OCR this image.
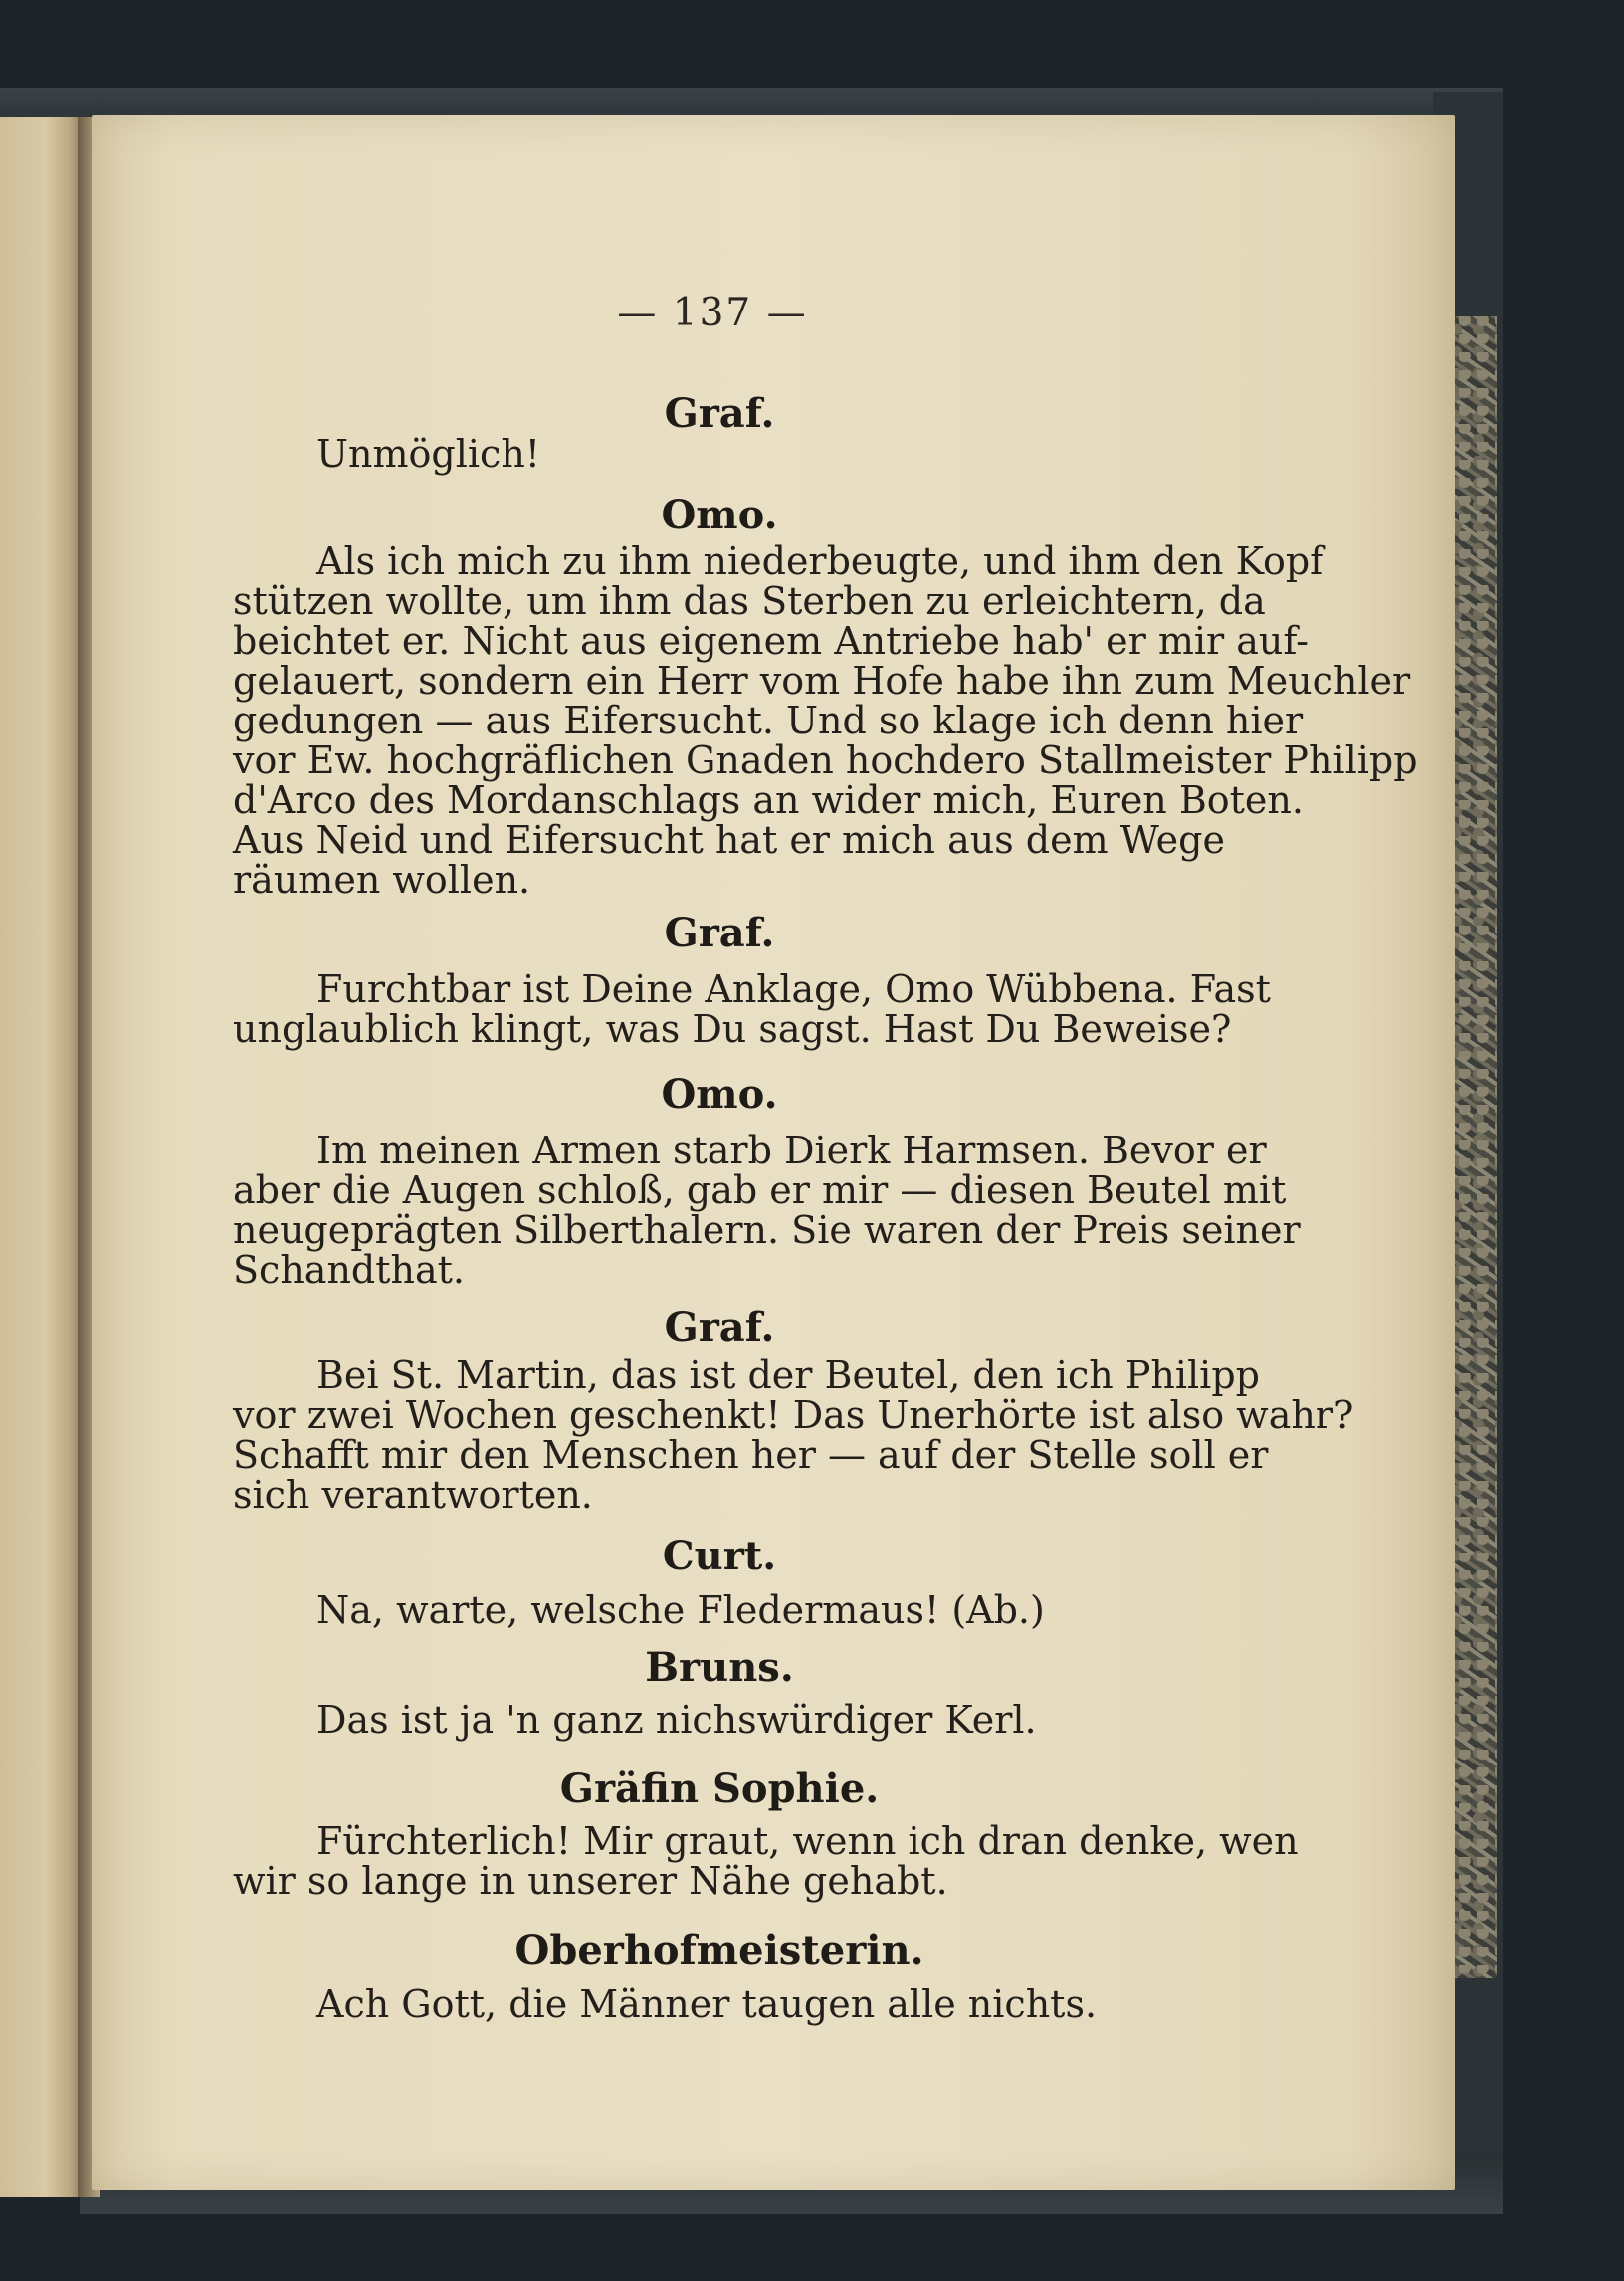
— 137 —
Graf.
Unmöglich!
Omo.
Als ich mich zu ihm niederbeugte, und ihm den Kopf
stützen wollte, um ihm das Sterben zu erleichtern, da
beichtet er. Nicht aus eigenem Antriebe hab' er mir auf-
gelauert, sondern ein Herr vom Hofe habe ihn zum Meuchler
gedungen — aus Eifersucht. Und so klage ich denn hier
vor Ew. hochgräflichen Gnaden hochdero Stallmeister Philipp
d'Arco des Mordanschlags an wider mich, Euren Boten.
Aus Neid und Eifersucht hat er mich aus dem Wege
räumen wollen.
Graf.
Furchtbar ist Deine Anklage, Omo Wübbena. Fast
unglaublich klingt, was Du sagst. Hast Du Beweise?
Omo.
Im meinen Armen starb Dierk Harmsen. Bevor er
aber die Augen schloß, gab er mir — diesen Beutel mit
neugeprägten Silberthalern. Sie waren der Preis seiner
Schandthat.
Graf.
Bei St. Martin, das ist der Beutel, den ich Philipp
vor zwei Wochen geschenkt! Das Unerhörte ist also wahr?
Schafft mir den Menschen her — auf der Stelle soll er
sich verantworten.
Curt.
Na, warte, welsche Fledermaus! (Ab.)
Bruns.
Das ist ja 'n ganz nichswürdiger Kerl.
Gräfin Sophie.
Fürchterlich! Mir graut, wenn ich dran denke, wen
wir so lange in unserer Nähe gehabt.
Oberhofmeisterin.
Ach Gott, die Männer taugen alle nichts.
